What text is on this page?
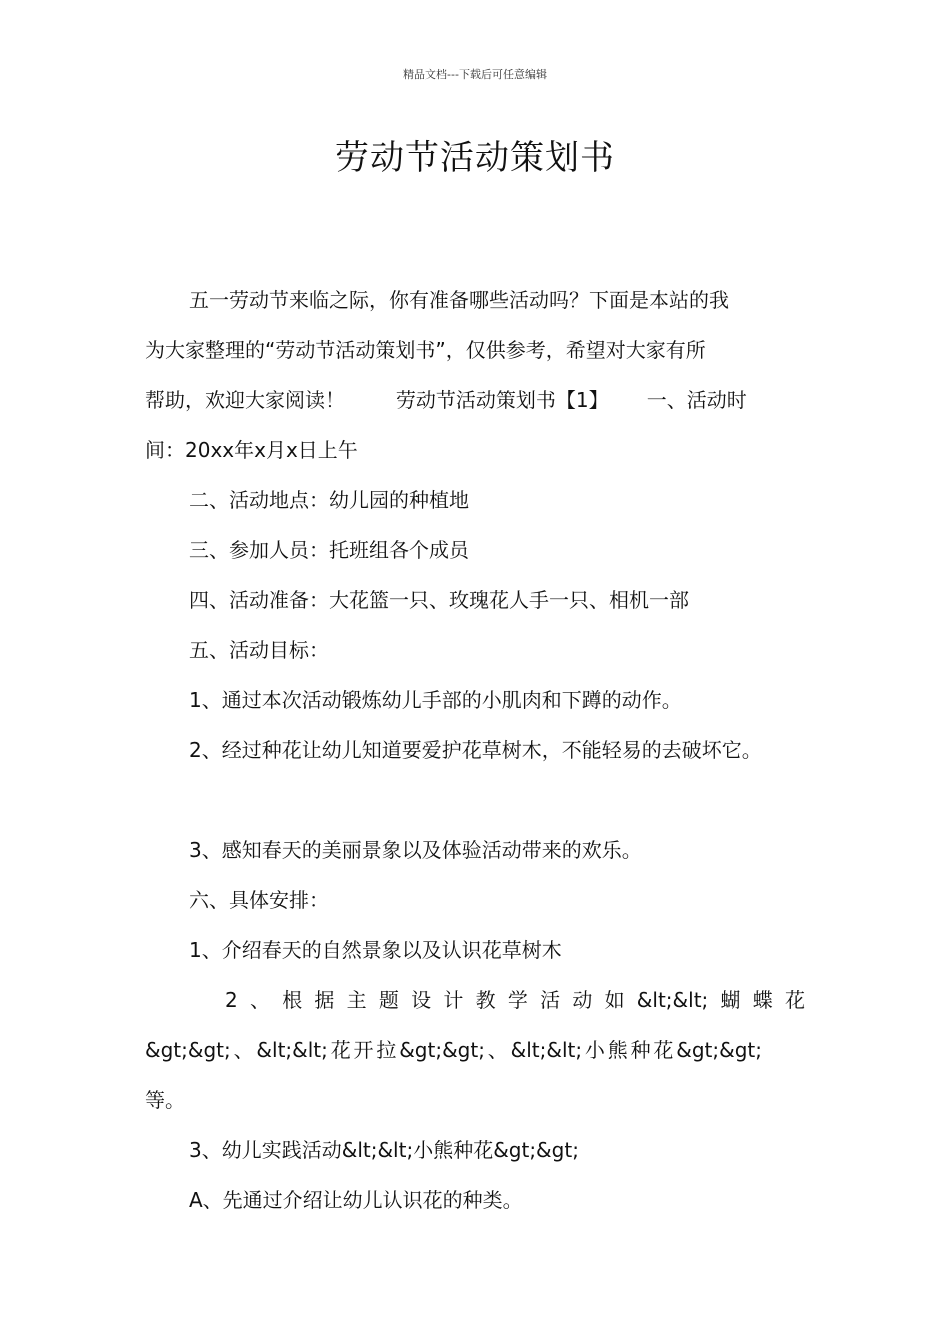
精品文档---下载后可任意编辑
劳动节活动策划书
五一劳动节来临之际，你有准备哪些活动吗？下面是本站的我
为大家整理的“劳动节活动策划书”，仅供参考，希望对大家有所
帮助，欢迎大家阅读！        劳动节活动策划书【1】      一、活动时
间：20xx年x月x日上午
二、活动地点：幼儿园的种植地
三、参加人员：托班组各个成员
四、活动准备：大花篮一只、玫瑰花人手一只、相机一部
五、活动目标：
1、通过本次活动锻炼幼儿手部的小肌肉和下蹲的动作。
2、经过种花让幼儿知道要爱护花草树木，不能轻易的去破坏它。
3、感知春天的美丽景象以及体验活动带来的欢乐。
六、具体安排：
1、介绍春天的自然景象以及认识花草树木
2、根据主题设计教学活动如&lt;&lt;蝴蝶花
&gt;&gt;、&lt;&lt;花开拉&gt;&gt;、&lt;&lt;小熊种花&gt;&gt;
等。
3、幼儿实践活动&lt;&lt;小熊种花&gt;&gt;
A、先通过介绍让幼儿认识花的种类。
